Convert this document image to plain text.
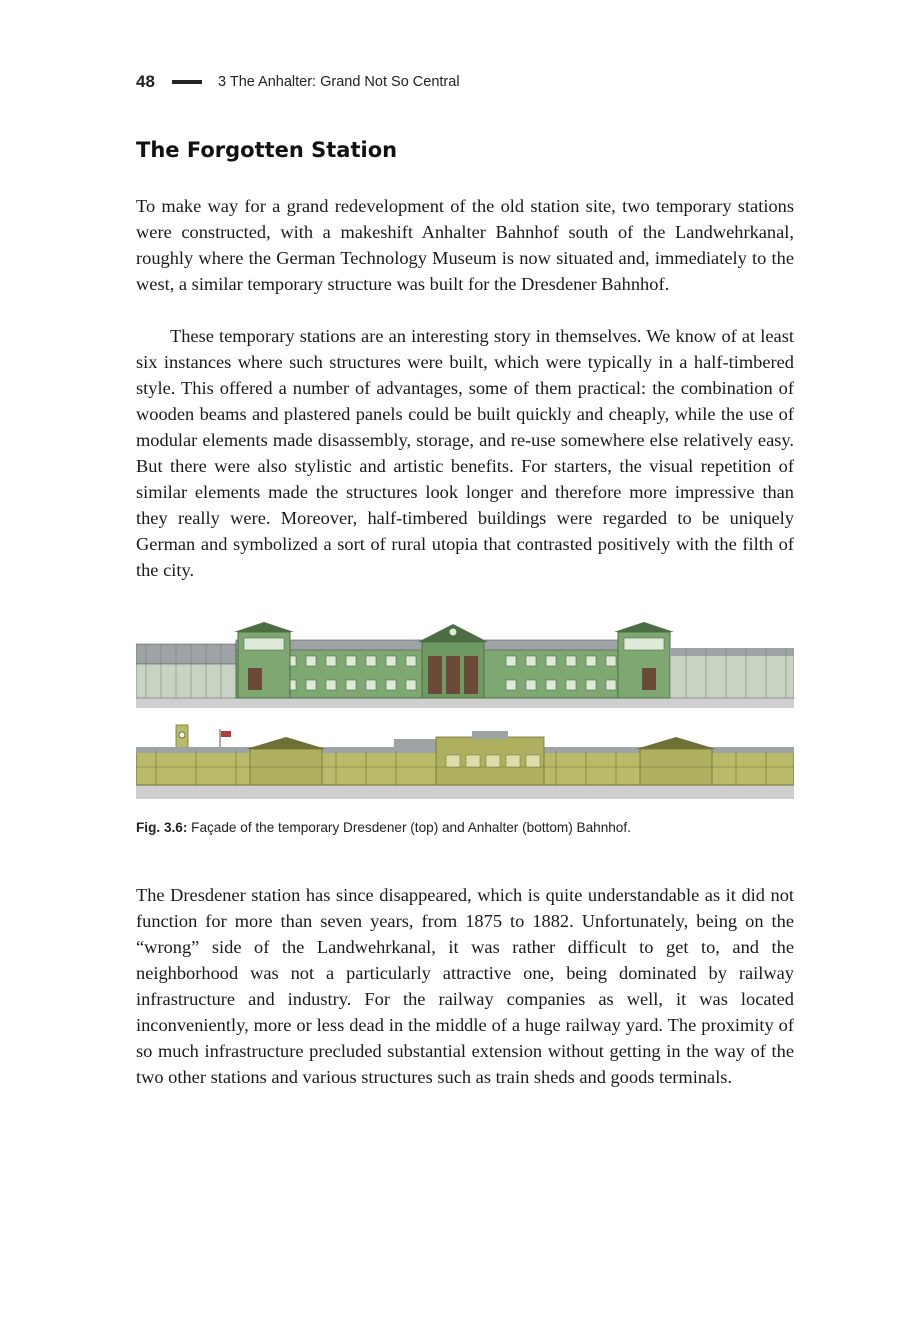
48	3 The Anhalter: Grand Not So Central
The Forgotten Station

To make way for a grand redevelopment of the old station site, two temporary stations were constructed, with a makeshift Anhalter Bahnhof south of the Landwehrkanal, roughly where the German Technology Museum is now situated and, immediately to the west, a similar temporary structure was built for the Dresdener Bahnhof.

These temporary stations are an interesting story in themselves. We know of at least six instances where such structures were built, which were typically in a half-timbered style. This offered a number of advantages, some of them practical: the combination of wooden beams and plastered panels could be built quickly and cheaply, while the use of modular elements made disassembly, storage, and re-use somewhere else relatively easy. But there were also stylistic and artistic benefits. For starters, the visual repetition of similar elements made the structures look longer and therefore more impressive than they really were. Moreover, half-timbered buildings were regarded to be uniquely German and symbolized a sort of rural utopia that contrasted positively with the filth of the city.

Fig. 3.6: Façade of the temporary Dresdener (top) and Anhalter (bottom) Bahnhof.

The Dresdener station has since disappeared, which is quite understandable as it did not function for more than seven years, from 1875 to 1882. Unfortunately, being on the “wrong” side of the Landwehrkanal, it was rather difficult to get to, and the neighborhood was not a particularly attractive one, being dominated by railway infrastructure and industry. For the railway companies as well, it was located inconveniently, more or less dead in the middle of a huge railway yard. The proximity of so much infrastructure precluded substantial extension without getting in the way of the two other stations and various structures such as train sheds and goods terminals.
